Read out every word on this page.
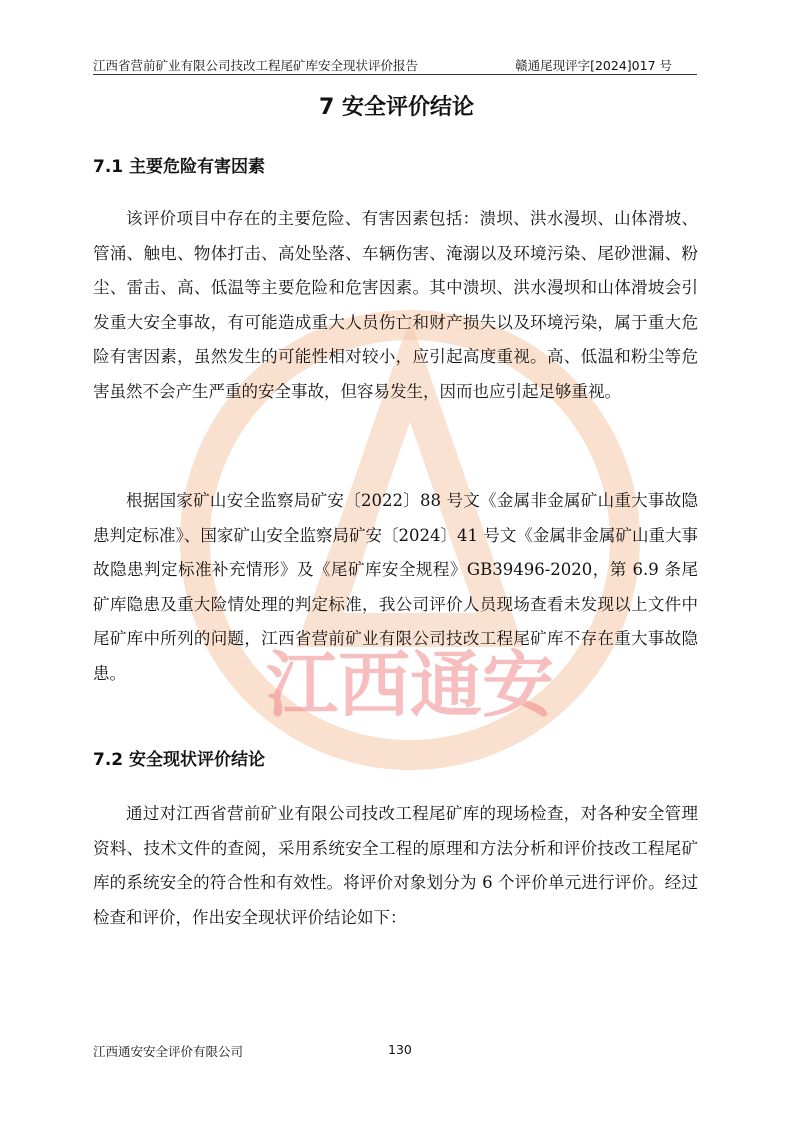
江西省营前矿业有限公司技改工程尾矿库安全现状评价报告	赣通尾现评字[2024]017 号
江西通安
7 安全评价结论
7.1 主要危险有害因素

该评价项目中存在的主要危险、有害因素包括：溃坝、洪水漫坝、山体滑坡、管涌、触电、物体打击、高处坠落、车辆伤害、淹溺以及环境污染、尾砂泄漏、粉尘、雷击、高、低温等主要危险和危害因素。其中溃坝、洪水漫坝和山体滑坡会引发重大安全事故，有可能造成重大人员伤亡和财产损失以及环境污染，属于重大危险有害因素，虽然发生的可能性相对较小，应引起高度重视。高、低温和粉尘等危害虽然不会产生严重的安全事故，但容易发生，因而也应引起足够重视。

根据国家矿山安全监察局矿安〔2022〕88 号文《金属非金属矿山重大事故隐患判定标准》、国家矿山安全监察局矿安〔2024〕41 号文《金属非金属矿山重大事故隐患判定标准补充情形》及《尾矿库安全规程》GB39496-2020，第 6.9 条尾矿库隐患及重大险情处理的判定标准，我公司评价人员现场查看未发现以上文件中尾矿库中所列的问题，江西省营前矿业有限公司技改工程尾矿库不存在重大事故隐患。

7.2 安全现状评价结论

通过对江西省营前矿业有限公司技改工程尾矿库的现场检查，对各种安全管理资料、技术文件的查阅，采用系统安全工程的原理和方法分析和评价技改工程尾矿库的系统安全的符合性和有效性。将评价对象划分为 6 个评价单元进行评价。经过检查和评价，作出安全现状评价结论如下：

江西通安安全评价有限公司	130
